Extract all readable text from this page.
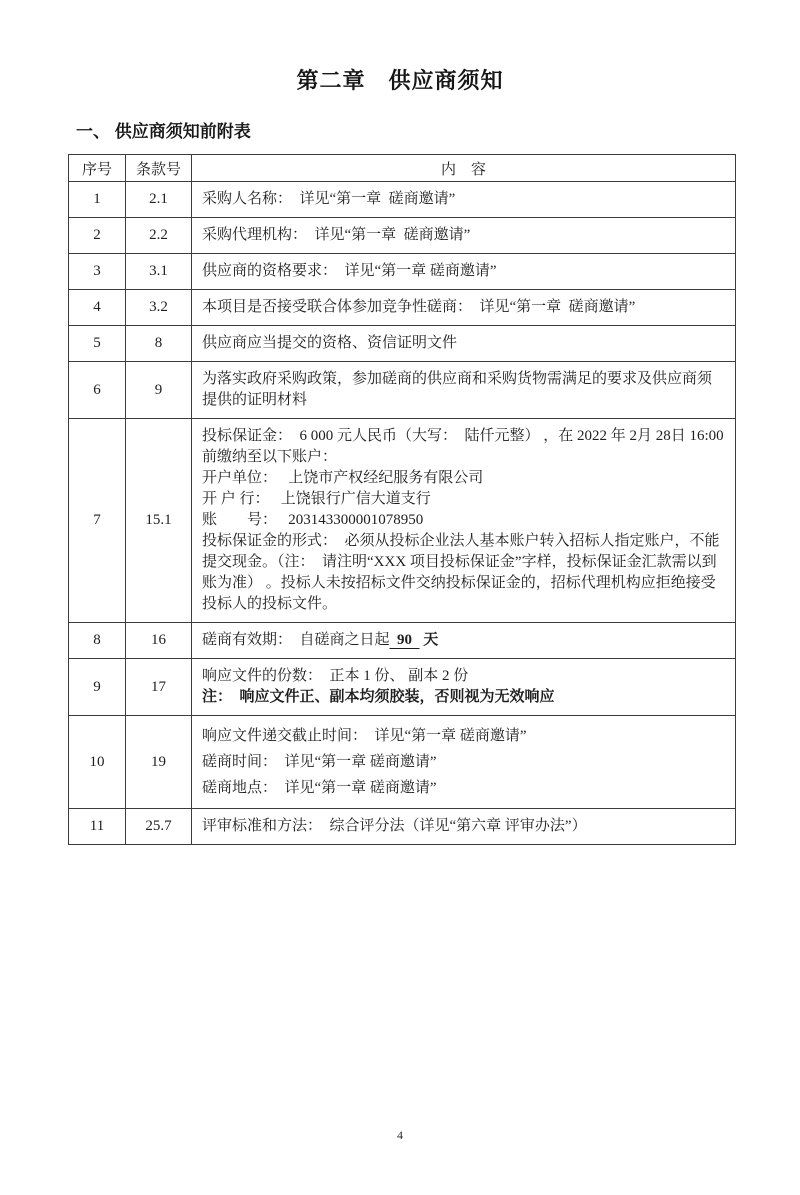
第二章　供应商须知
一、 供应商须知前附表
序号	条款号	内　容
1	2.1	采购人名称：  详见“第一章  磋商邀请”

2	2.2	采购代理机构：  详见“第一章  磋商邀请”

3	3.1	供应商的资格要求：  详见“第一章 磋商邀请”

4	3.2	本项目是否接受联合体参加竞争性磋商：  详见“第一章  磋商邀请”

5	8	供应商应当提交的资格、资信证明文件

6	9	为落实政府采购政策，参加磋商的供应商和采购货物需满足的要求及供应商须提供的证明材料

7	15.1	投标保证金：  6 000 元人民币（大写：  陆仟元整） ，在 2022 年 2月 28日 16:00 前缴纳至以下账户：
开户单位：   上饶市产权经纪服务有限公司
开 户 行：   上饶银行广信大道支行
账　　号：   203143300001078950
投标保证金的形式：  必须从投标企业法人基本账户转入招标人指定账户，不能提交现金。（注：  请注明“XXX 项目投标保证金”字样，投标保证金汇款需以到账为准） 。投标人未按招标文件交纳投标保证金的，招标代理机构应拒绝接受投标人的投标文件。

8	16	磋商有效期：  自磋商之日起  90   天

9	17	响应文件的份数：  正本 1 份、 副本 2 份
注：  响应文件正、副本均须胶装，否则视为无效响应

10	19	响应文件递交截止时间：  详见“第一章 磋商邀请”
磋商时间：  详见“第一章 磋商邀请”
磋商地点：  详见“第一章 磋商邀请”

11	25.7	评审标准和方法：  综合评分法（详见“第六章 评审办法”）
4
